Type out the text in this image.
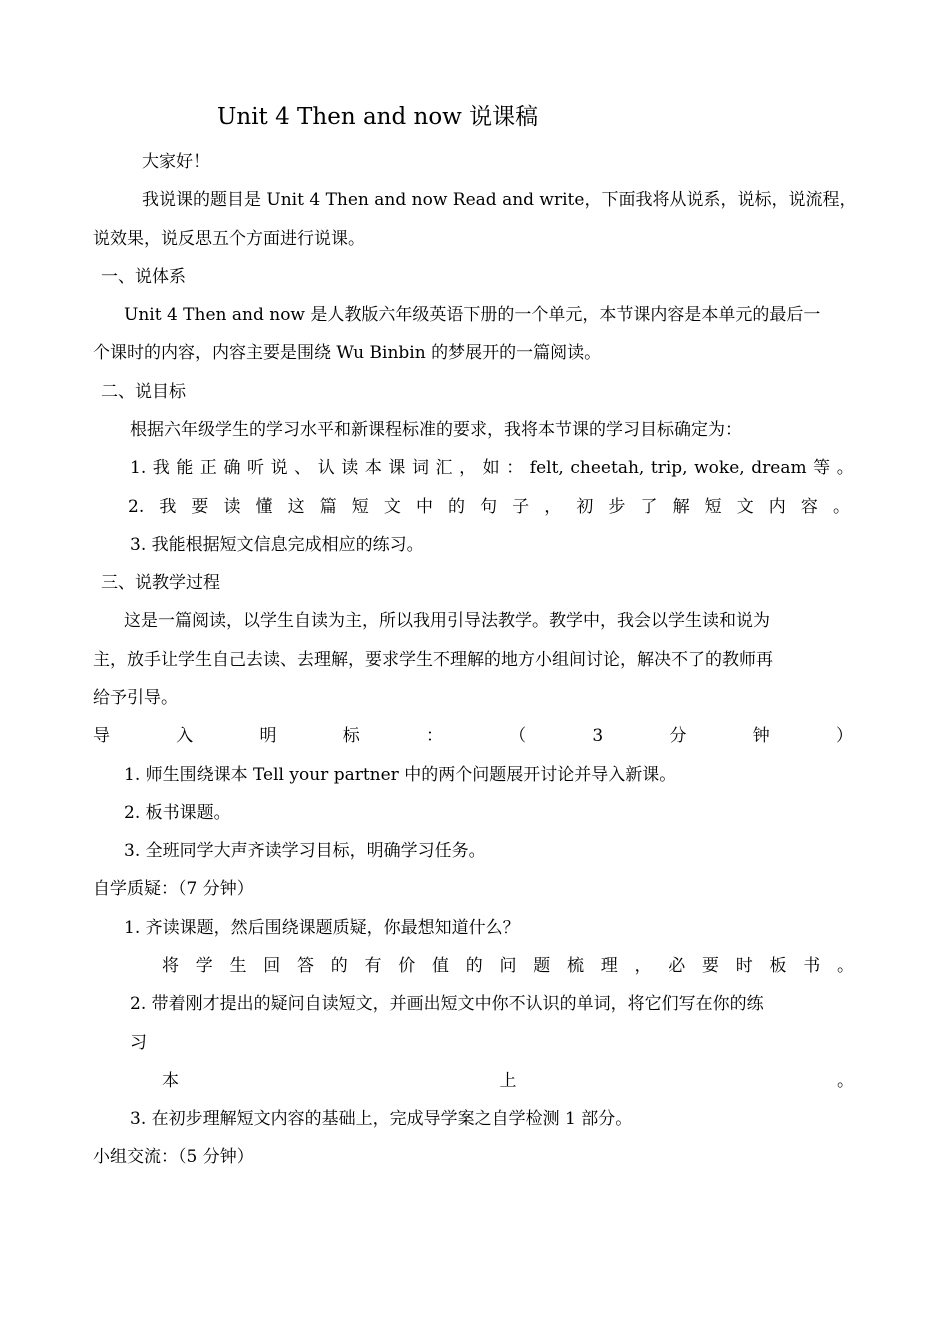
Unit 4 Then and now 说课稿
大家好！
我说课的题目是 Unit 4 Then and now Read and write，下面我将从说系，说标，说流程，
说效果，说反思五个方面进行说课。
一、说体系
Unit 4 Then and now 是人教版六年级英语下册的一个单元，本节课内容是本单元的最后一
个课时的内容，内容主要是围绕 Wu Binbin 的梦展开的一篇阅读。
二、说目标
根据六年级学生的学习水平和新课程标准的要求，我将本节课的学习目标确定为：
1. 我 能 正 确 听 说 、 认 读 本 课 词 汇 ， 如 ： felt, cheetah, trip, woke, dream 等 。
2. 我 要 读 懂 这 篇 短 文 中 的 句 子 ， 初 步 了 解 短 文 内 容 。
3. 我能根据短文信息完成相应的练习。
三、说教学过程
这是一篇阅读，以学生自读为主，所以我用引导法教学。教学中，我会以学生读和说为
主，放手让学生自己去读、去理解，要求学生不理解的地方小组间讨论，解决不了的教师再
给予引导。
导	入	明	标	：	（	3	分	钟	）
1. 师生围绕课本 Tell your partner 中的两个问题展开讨论并导入新课。
2. 板书课题。
3. 全班同学大声齐读学习目标，明确学习任务。
自学质疑：（7 分钟）
1. 齐读课题，然后围绕课题质疑，你最想知道什么？
将 学 生 回 答 的 有 价 值 的 问 题 梳 理 ， 必 要 时 板 书 。
2. 带着刚才提出的疑问自读短文，并画出短文中你不认识的单词，将它们写在你的练
习
本	上	。
3. 在初步理解短文内容的基础上，完成导学案之自学检测 1 部分。
小组交流：（5 分钟）
